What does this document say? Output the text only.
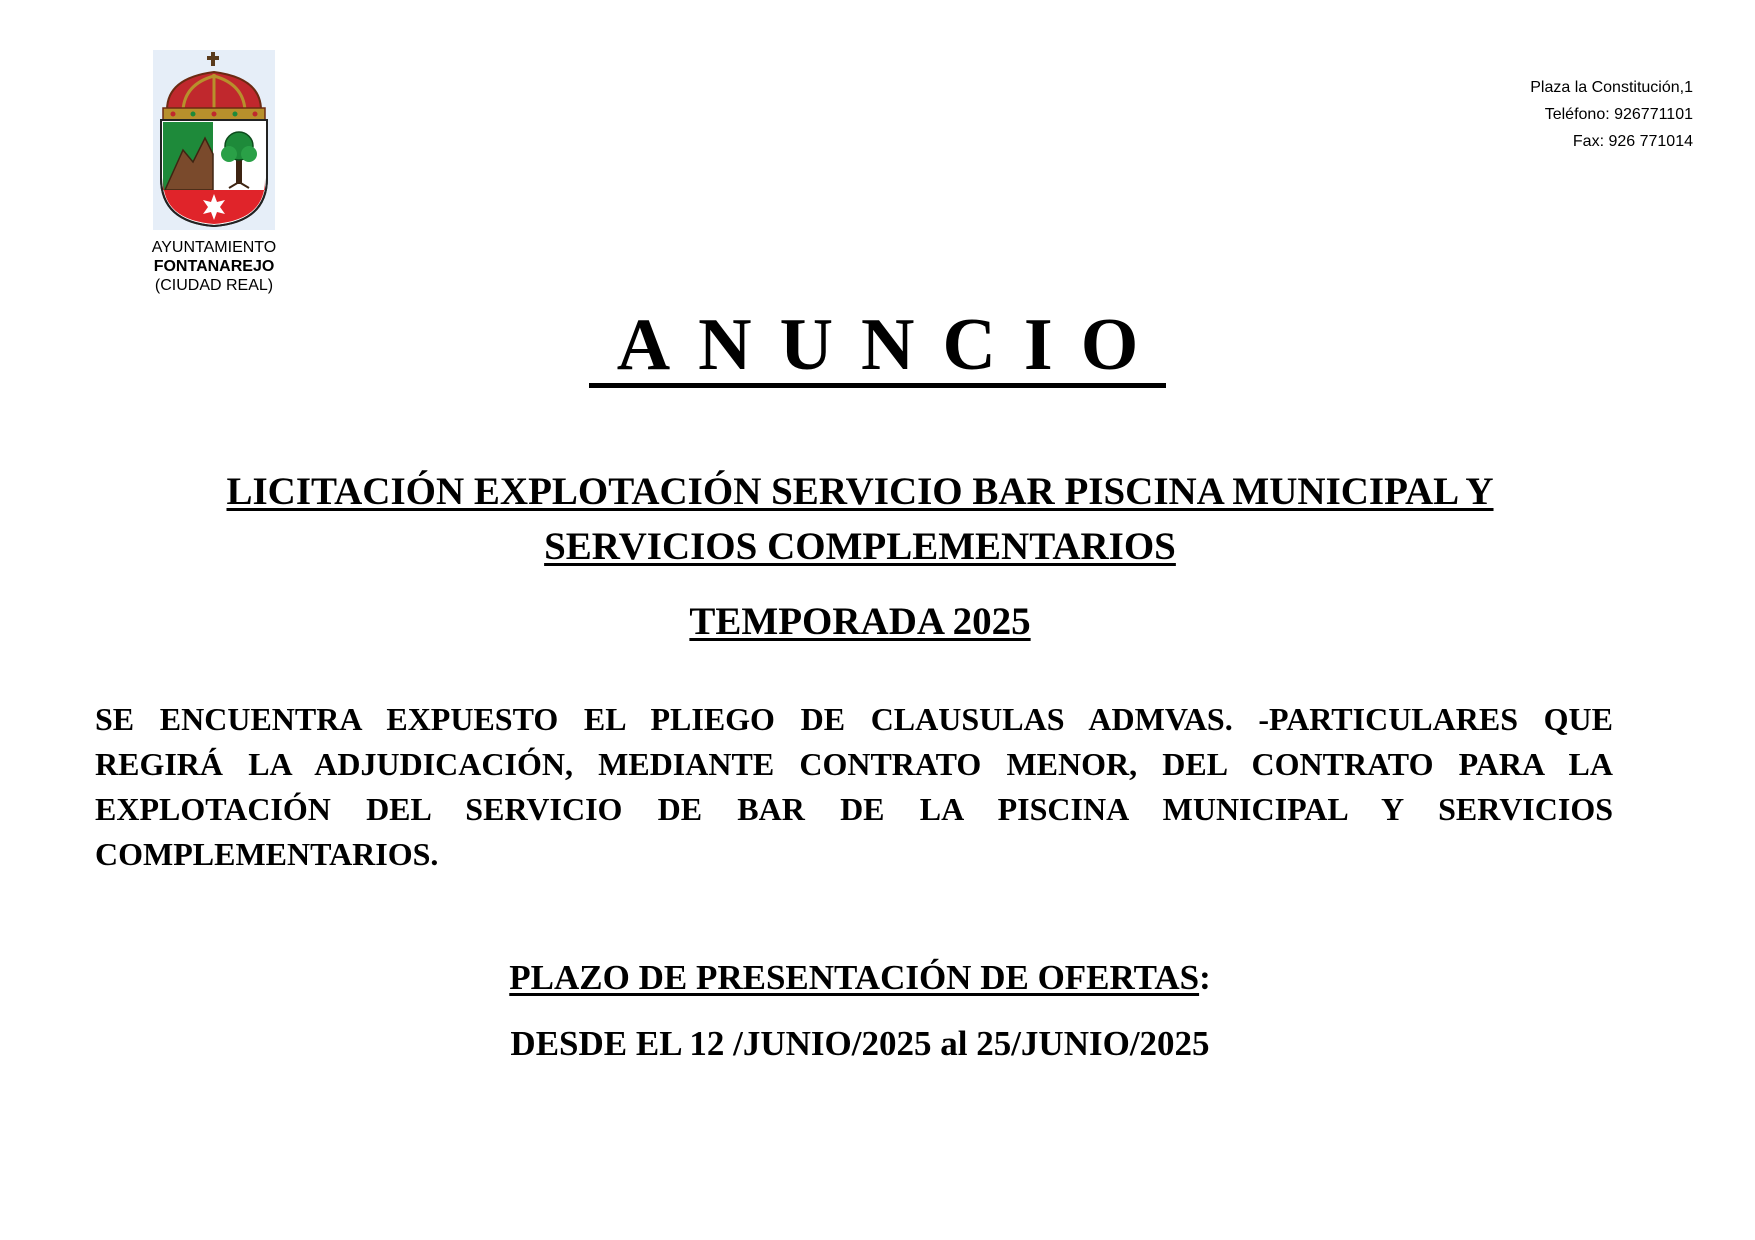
AYUNTAMIENTO
FONTANAREJO
(CIUDAD REAL)
Plaza la Constitución,1
Teléfono: 926771101
Fax: 926 771014
ANUNCIO
LICITACIÓN EXPLOTACIÓN SERVICIO BAR PISCINA MUNICIPAL Y
SERVICIOS COMPLEMENTARIOS
TEMPORADA 2025
SE ENCUENTRA EXPUESTO EL PLIEGO DE CLAUSULAS ADMVAS. -PARTICULARES QUE REGIRÁ LA ADJUDICACIÓN, MEDIANTE CONTRATO MENOR, DEL CONTRATO PARA LA EXPLOTACIÓN DEL SERVICIO DE BAR DE LA PISCINA MUNICIPAL Y SERVICIOS COMPLEMENTARIOS.
PLAZO DE PRESENTACIÓN DE OFERTAS:
DESDE EL 12 /JUNIO/2025 al 25/JUNIO/2025
